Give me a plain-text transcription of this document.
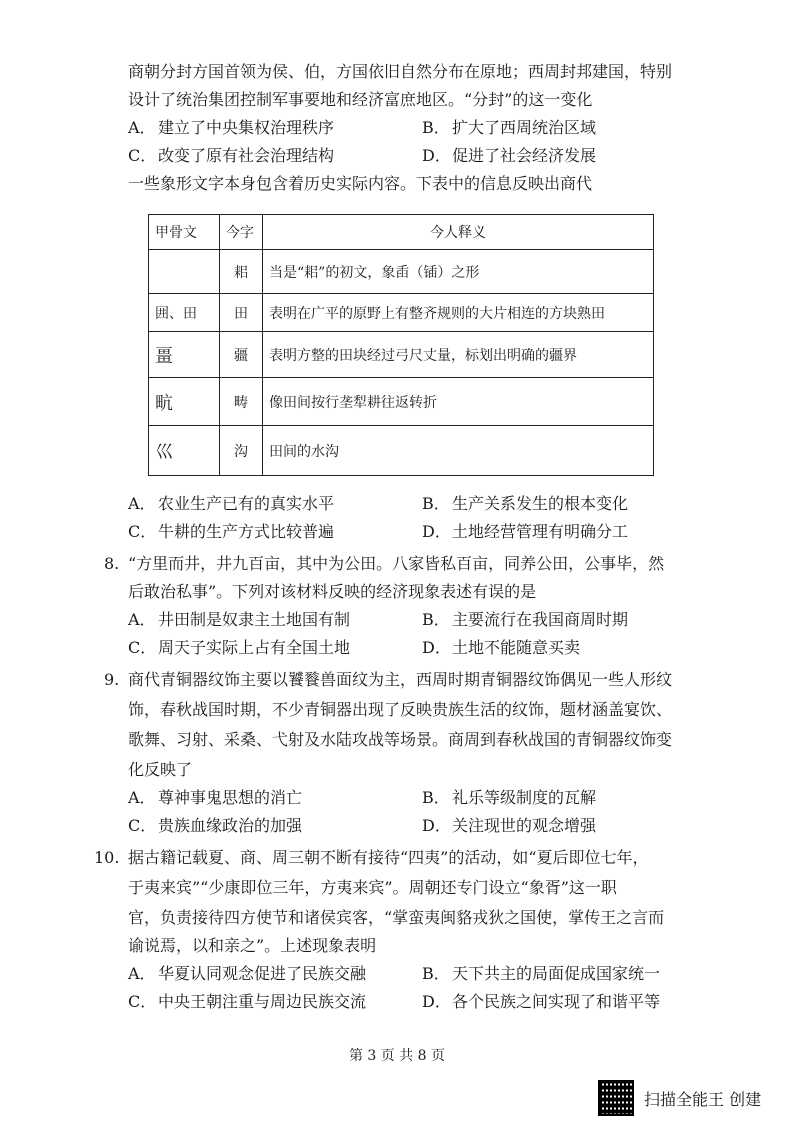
商朝分封方国首领为侯、伯，方国依旧自然分布在原地；西周封邦建国，特别
设计了统治集团控制军事要地和经济富庶地区。“分封”的这一变化
A． 建立了中央集权治理秩序	B． 扩大了西周统治区域
C． 改变了原有社会治理结构	D．促进了社会经济发展
一些象形文字本身包含着历史实际内容。下表中的信息反映出商代
甲骨文	今字	今人释义
	耜	当是“耜”的初文，象臿（锸）之形
囲、田	田	表明在广平的原野上有整齐规则的大片相连的方块熟田
畺	疆	表明方整的田块经过弓尺丈量，标划出明确的疆界
㽘	畴	像田间按行垄犁耕往返转折
巛	沟	田间的水沟
A． 农业生产已有的真实水平	B． 生产关系发生的根本变化
C． 牛耕的生产方式比较普遍	D．土地经营管理有明确分工
8. “方里而井，井九百亩，其中为公田。八家皆私百亩，同养公田，公事毕，然
后敢治私事”。下列对该材料反映的经济现象表述有误的是
A． 井田制是奴隶主土地国有制	B． 主要流行在我国商周时期
C． 周天子实际上占有全国土地	D．土地不能随意买卖
9. 商代青铜器纹饰主要以饕餮兽面纹为主，西周时期青铜器纹饰偶见一些人形纹
饰，春秋战国时期，不少青铜器出现了反映贵族生活的纹饰，题材涵盖宴饮、
歌舞、习射、采桑、弋射及水陆攻战等场景。商周到春秋战国的青铜器纹饰变
化反映了
A． 尊神事鬼思想的消亡	B． 礼乐等级制度的瓦解
C． 贵族血缘政治的加强	D．关注现世的观念增强
10. 据古籍记载夏、商、周三朝不断有接待“四夷”的活动，如“夏后即位七年，
于夷来宾”“少康即位三年，方夷来宾”。周朝还专门设立“象胥”这一职
官，负责接待四方使节和诸侯宾客，“掌蛮夷闽貉戎狄之国使，掌传王之言而
谕说焉，以和亲之”。上述现象表明
A． 华夏认同观念促进了民族交融	B． 天下共主的局面促成国家统一
C． 中央王朝注重与周边民族交流	D．各个民族之间实现了和谐平等
第 3 页 共 8 页
扫描全能王 创建
